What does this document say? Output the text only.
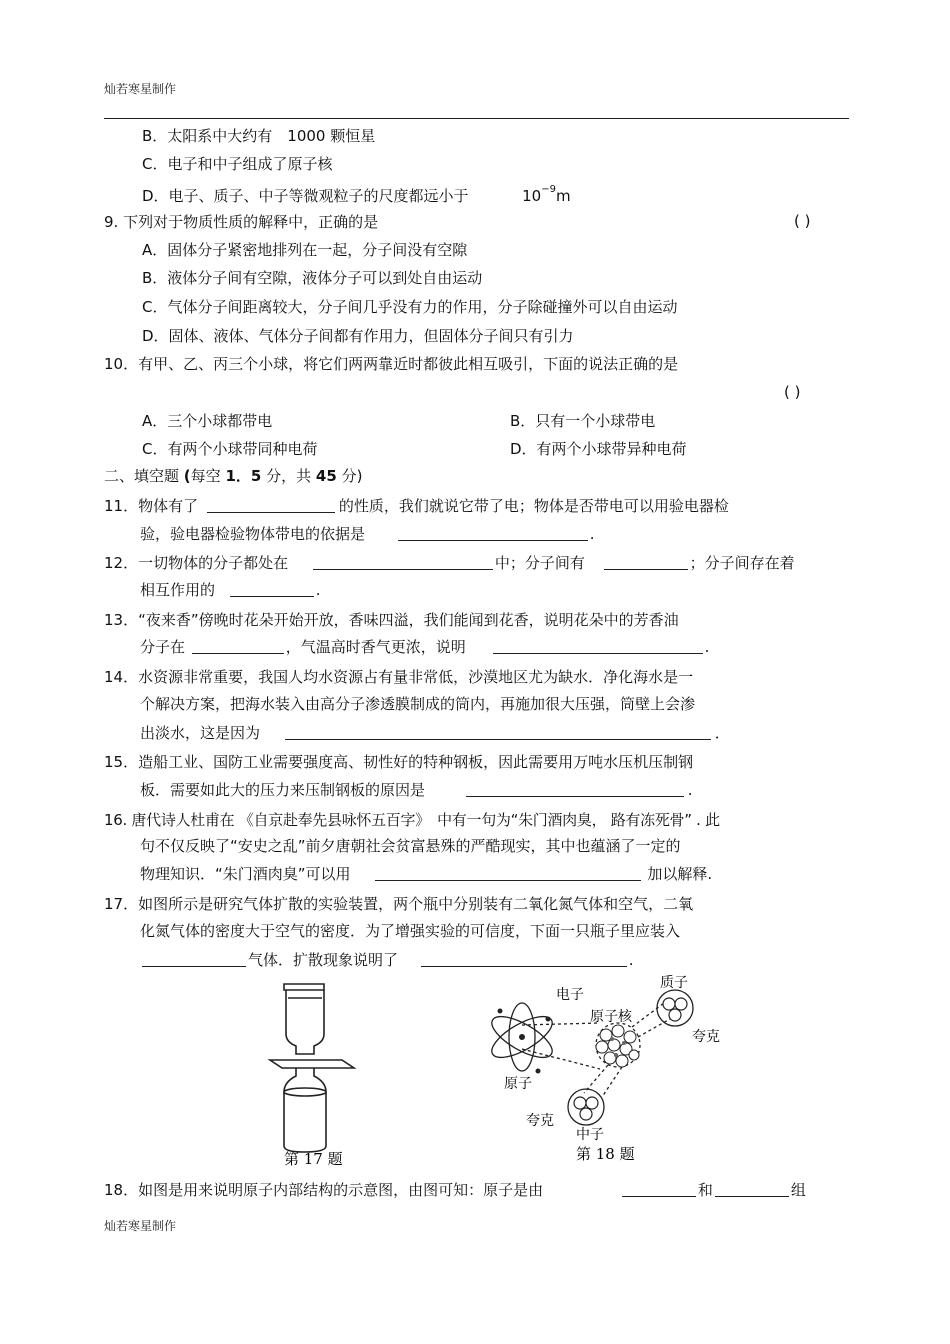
灿若寒星制作
B．太阳系中大约有　1000 颗恒星
C．电子和中子组成了原子核
D．电子、质子、中子等微观粒子的尺度都远小于	$10^{-9}m$
9. 下列对于物质性质的解释中，正确的是	( )
A．固体分子紧密地排列在一起，分子间没有空隙
B．液体分子间有空隙，液体分子可以到处自由运动
C．气体分子间距离较大，分子间几乎没有力的作用，分子除碰撞外可以自由运动
D．固体、液体、气体分子间都有作用力，但固体分子间只有引力
10．有甲、乙、丙三个小球，将它们两两靠近时都彼此相互吸引，下面的说法正确的是
( )
A．三个小球都带电	B．只有一个小球带电
C．有两个小球带同种电荷	D．有两个小球带异种电荷
二、填空题 (每空 1．5 分，共 45 分)
11．物体有了	的性质，我们就说它带了电；物体是否带电可以用验电器检
验，验电器检验物体带电的依据是	.
12．一切物体的分子都处在	中；分子间有	；分子间存在着
相互作用的	.
13．“夜来香”傍晚时花朵开始开放，香味四溢，我们能闻到花香，说明花朵中的芳香油
分子在	，气温高时香气更浓，说明	.
14．水资源非常重要，我国人均水资源占有量非常低，沙漠地区尤为缺水．净化海水是一
个解决方案，把海水装入由高分子渗透膜制成的筒内，再施加很大压强，筒壁上会渗
出淡水，这是因为	．
15．造船工业、国防工业需要强度高、韧性好的特种钢板，因此需要用万吨水压机压制钢
板．需要如此大的压力来压制钢板的原因是	.
16. 唐代诗人杜甫在 《自京赴奉先县咏怀五百字》　中有一句为“朱门酒肉臭， 路有冻死骨” . 此
句不仅反映了“安史之乱”前夕唐朝社会贫富悬殊的严酷现实，其中也蕴涵了一定的
物理知识．“朱门酒肉臭”可以用	加以解释.
17．如图所示是研究气体扩散的实验装置，两个瓶中分别装有二氧化氮气体和空气，二氧
化氮气体的密度大于空气的密度．为了增强实验的可信度，下面一只瓶子里应装入
气体．扩散现象说明了	.
第 17 题
电子
原子核
质子
夸克
原子
夸克
中子
第 18 题
18．如图是用来说明原子内部结构的示意图，由图可知：原子是由	和	组
灿若寒星制作
